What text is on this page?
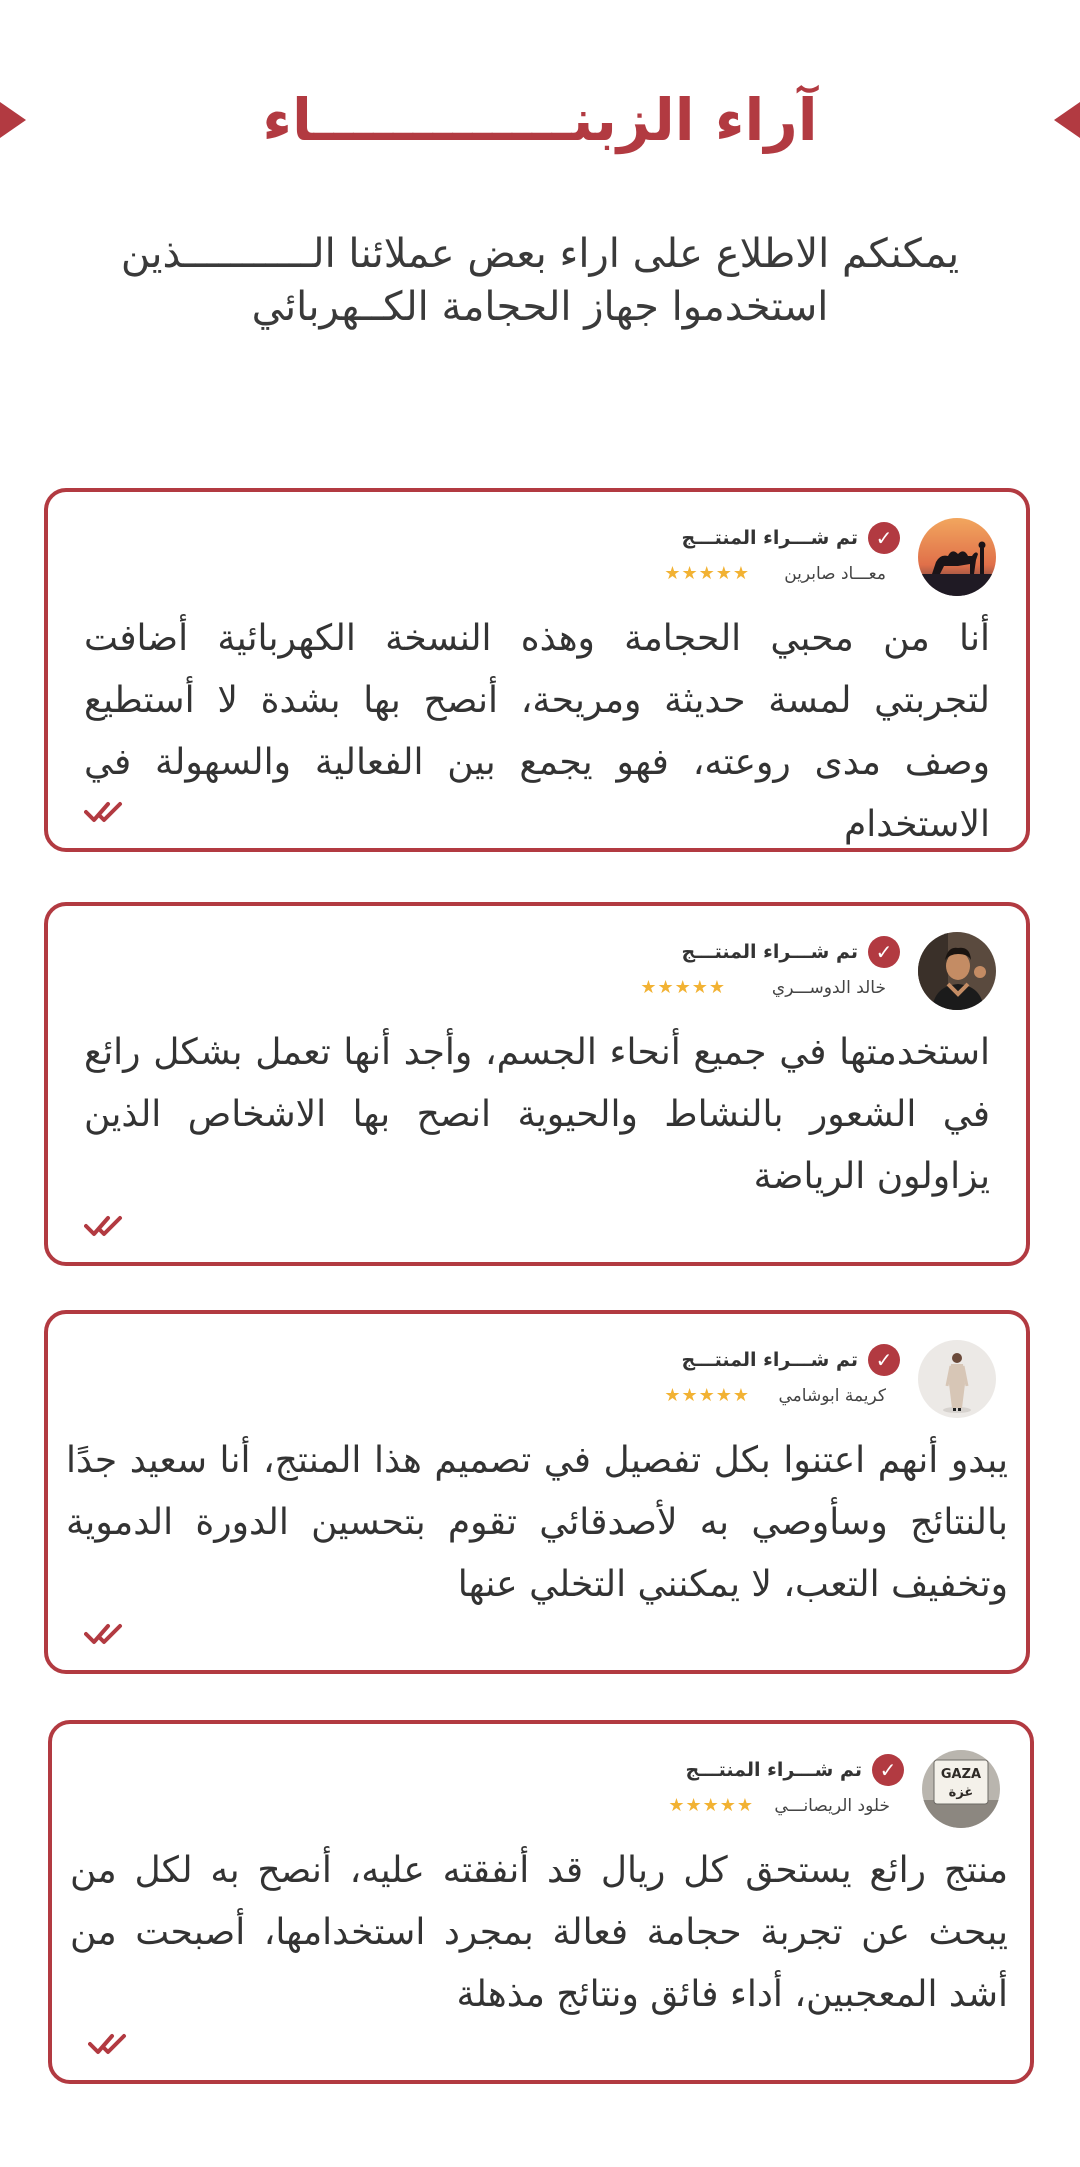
آراء الزبنـــــــــــــاء
يمكنكم الاطلاع على اراء بعض عملائنا الـــــــــــذين
استخدموا جهاز الحجامة الكــهربائي
✓
تم شـــراء المنتـــج
معـــاد صابرين
★★★★★
أنا من محبي الحجامة وهذه النسخة الكهربائية أضافت لتجربتي لمسة حديثة ومريحة، أنصح بها بشدة لا أستطيع وصف مدى روعته، فهو يجمع بين الفعالية والسهولة في الاستخدام
✓
تم شـــراء المنتـــج
خالد الدوســـري
★★★★★
استخدمتها في جميع أنحاء الجسم، وأجد أنها تعمل بشكل رائع في الشعور بالنشاط والحيوية انصح بها الاشخاص الذين يزاولون الرياضة
✓
تم شـــراء المنتـــج
كريمة ابوشامي
★★★★★
يبدو أنهم اعتنوا بكل تفصيل في تصميم هذا المنتج، أنا سعيد جدًا بالنتائج وسأوصي به لأصدقائي تقوم بتحسين الدورة الدموية وتخفيف التعب، لا يمكنني التخلي عنها
GAZA
غزة
✓
تم شـــراء المنتـــج
خلود الريصانـــي
★★★★★
منتج رائع يستحق كل ريال قد أنفقته عليه، أنصح به لكل من يبحث عن تجربة حجامة فعالة بمجرد استخدامها، أصبحت من أشد المعجبين، أداء فائق ونتائج مذهلة
